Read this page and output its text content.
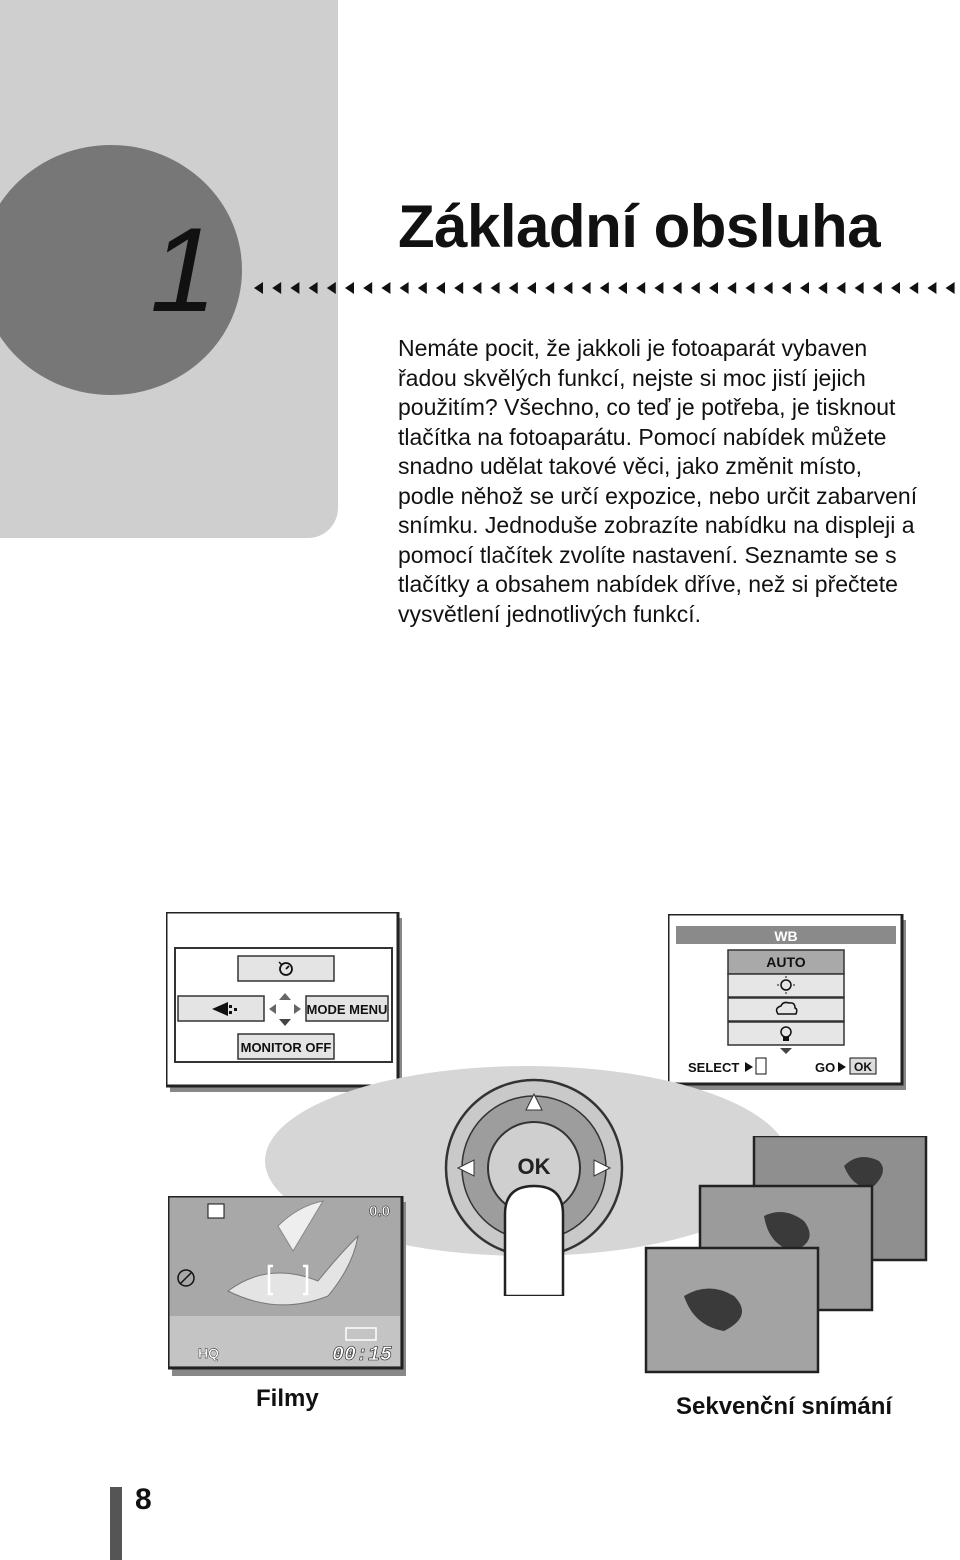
1	Základní obsluha

Nemáte pocit, že jakkoli je fotoaparát vybaven řadou skvělých funkcí, nejste si moc jistí jejich použitím? Všechno, co teď je potřeba, je tisknout tlačítka na fotoaparátu. Pomocí nabídek můžete snadno udělat takové věci, jako změnit místo, podle něhož se určí expozice, nebo určit zabarvení snímku. Jednoduše zobrazíte nabídku na displeji a pomocí tlačítek zvolíte nastavení. Seznamte se s tlačítky a obsahem nabídek dříve, než si přečtete vysvětlení jednotlivých funkcí.

MODE MENU
MONITOR OFF
WB
AUTO
SELECT	GO OK
OK
0.0
HQ	00:15
Filmy	Sekvenční snímání
8
